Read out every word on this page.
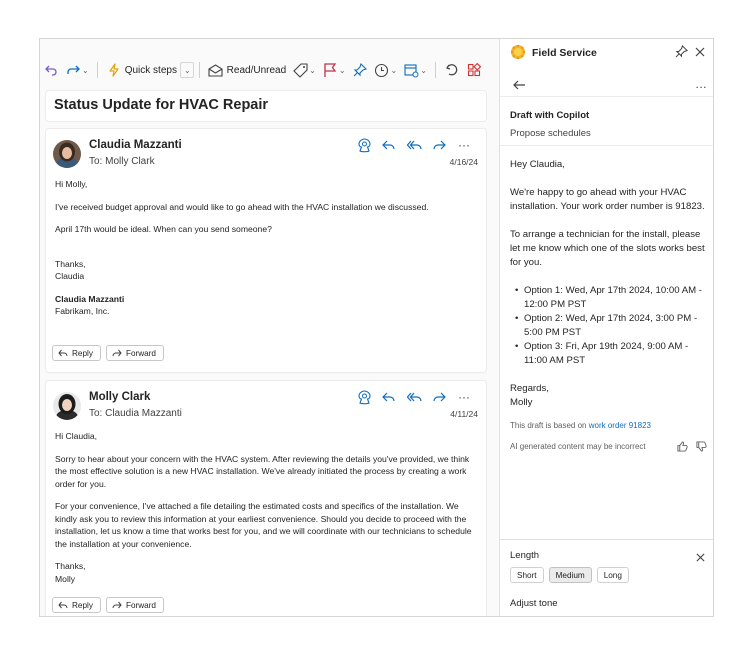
⌄	Quick steps ⌄	Read/Unread	⌄	⌄	⌄	⌄
Status Update for HVAC Repair
Claudia Mazzanti
To: Molly Clark
···
4/16/24

Hi Molly,

I've received budget approval and would like to go ahead with the HVAC installation we discussed.

April 17th would be ideal. When can you send someone?

Thanks,
Claudia
Claudia Mazzanti
Fabrikam, Inc.
Reply	Forward
Molly Clark
To: Claudia Mazzanti
···
4/11/24

Hi Claudia,

Sorry to hear about your concern with the HVAC system. After reviewing the details you've provided, we think the most effective solution is a new HVAC installation. We've already initiated the process by creating a work order for you.

For your convenience, I've attached a file detailing the estimated costs and specifics of the installation. We kindly ask you to review this information at your earliest convenience. Should you decide to proceed with the installation, let us know a time that works best for you, and we will coordinate with our technicians to schedule the installation at your convenience.

Thanks,
Molly
Reply	Forward
Field Service
...
Draft with Copilot
Propose schedules

Hey Claudia,

We're happy to go ahead with your HVAC installation. Your work order number is 91823.

To arrange a technician for the install, please let me know which one of the slots works best for you.

• Option 1: Wed, Apr 17th 2024, 10:00 AM - 12:00 PM PST
• Option 2: Wed, Apr 17th 2024, 3:00 PM - 5:00 PM PST
• Option 3: Fri, Apr 19th 2024, 9:00 AM - 11:00 AM PST
Regards,
Molly
This draft is based on work order 91823
AI generated content may be incorrect
Length
Short	Medium	Long
Adjust tone
